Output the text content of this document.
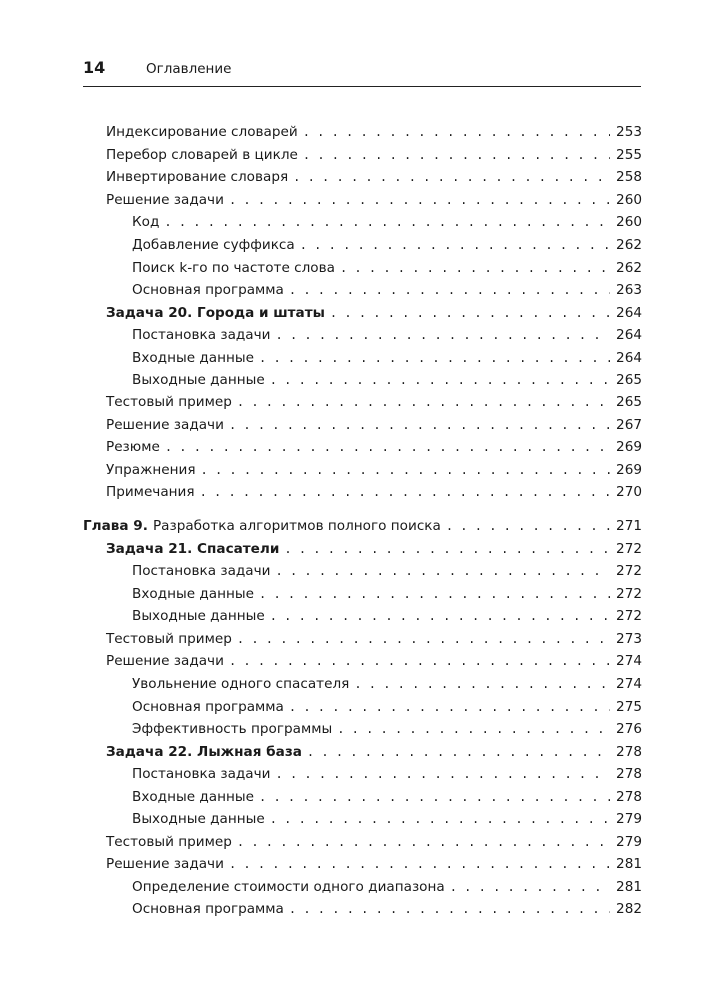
14	Оглавление
Индексирование словарей . . .	253
Перебор словарей в цикле . . .	255
Инвертирование словаря . . .	258
Решение задачи . . .	260
Код . . .	260
Добавление суффикса . . .	262
Поиск k-го по частоте слова . . .	262
Основная программа . . .	263
Задача 20. Города и штаты . . .	264
Постановка задачи . . .	264
Входные данные . . .	264
Выходные данные . . .	265
Тестовый пример . . .	265
Решение задачи . . .	267
Резюме . . .	269
Упражнения . . .	269
Примечания . . .	270
Глава 9. Разработка алгоритмов полного поиска . . .	271
Задача 21. Спасатели . . .	272
Постановка задачи . . .	272
Входные данные . . .	272
Выходные данные . . .	272
Тестовый пример . . .	273
Решение задачи . . .	274
Увольнение одного спасателя . . .	274
Основная программа . . .	275
Эффективность программы . . .	276
Задача 22. Лыжная база . . .	278
Постановка задачи . . .	278
Входные данные . . .	278
Выходные данные . . .	279
Тестовый пример . . .	279
Решение задачи . . .	281
Определение стоимости одного диапазона . . .	281
Основная программа . . .	282
